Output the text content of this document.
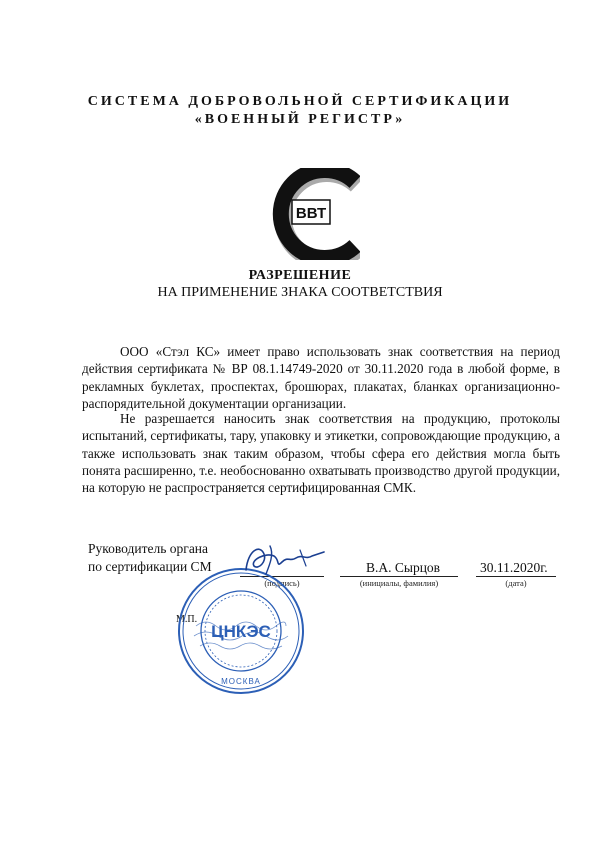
СИСТЕМА ДОБРОВОЛЬНОЙ СЕРТИФИКАЦИИ
«ВОЕННЫЙ РЕГИСТР»
ВВТ
РАЗРЕШЕНИЕ
НА ПРИМЕНЕНИЕ ЗНАКА СООТВЕТСТВИЯ
ООО «Стэл КС» имеет право использовать знак соответствия на период действия сертификата № ВР 08.1.14749-2020 от 30.11.2020 года в любой форме, в рекламных буклетах, проспектах, брошюрах, плакатах, бланках организационно-распорядительной документации организации.
Не разрешается наносить знак соответствия на продукцию, протоколы испытаний, сертификаты, тару, упаковку и этикетки, сопровождающие продукцию, а также использовать знак таким образом, чтобы сфера его действия могла быть понята расширенно, т.е. необоснованно охватывать производство другой продукции, на которую не распространяется сертифицированная СМК.
Руководитель органа
по сертификации СМ
(подпись)
В.А. Сырцов
(инициалы, фамилия)
30.11.2020г.
(дата)
М.П.
ЦНКЭС
МОСКВА
